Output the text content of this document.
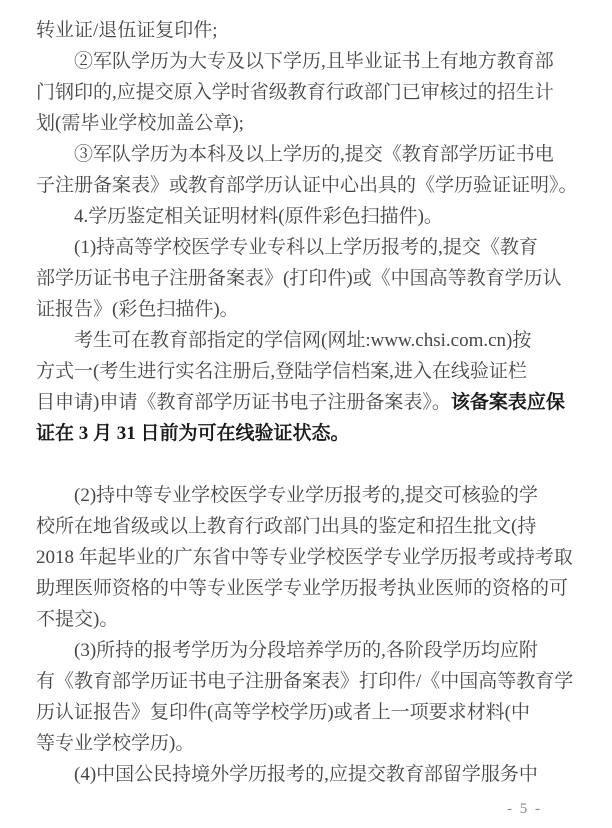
转业证/退伍证复印件;
②军队学历为大专及以下学历,且毕业证书上有地方教育部
门钢印的,应提交原入学时省级教育行政部门已审核过的招生计
划(需毕业学校加盖公章);
③军队学历为本科及以上学历的,提交《教育部学历证书电
子注册备案表》或教育部学历认证中心出具的《学历验证证明》。
4.学历鉴定相关证明材料(原件彩色扫描件)。
(1)持高等学校医学专业专科以上学历报考的,提交《教育
部学历证书电子注册备案表》(打印件)或《中国高等教育学历认
证报告》(彩色扫描件)。
考生可在教育部指定的学信网(网址:www.chsi.com.cn)按
方式一(考生进行实名注册后,登陆学信档案,进入在线验证栏
目申请)申请《教育部学历证书电子注册备案表》。该备案表应保
证在 3 月 31 日前为可在线验证状态。
(2)持中等专业学校医学专业学历报考的,提交可核验的学
校所在地省级或以上教育行政部门出具的鉴定和招生批文(持
2018 年起毕业的广东省中等专业学校医学专业学历报考或持考取
助理医师资格的中等专业医学专业学历报考执业医师的资格的可
不提交)。
(3)所持的报考学历为分段培养学历的,各阶段学历均应附
有《教育部学历证书电子注册备案表》打印件/《中国高等教育学
历认证报告》复印件(高等学校学历)或者上一项要求材料(中
等专业学校学历)。
(4)中国公民持境外学历报考的,应提交教育部留学服务中
- 5 -
